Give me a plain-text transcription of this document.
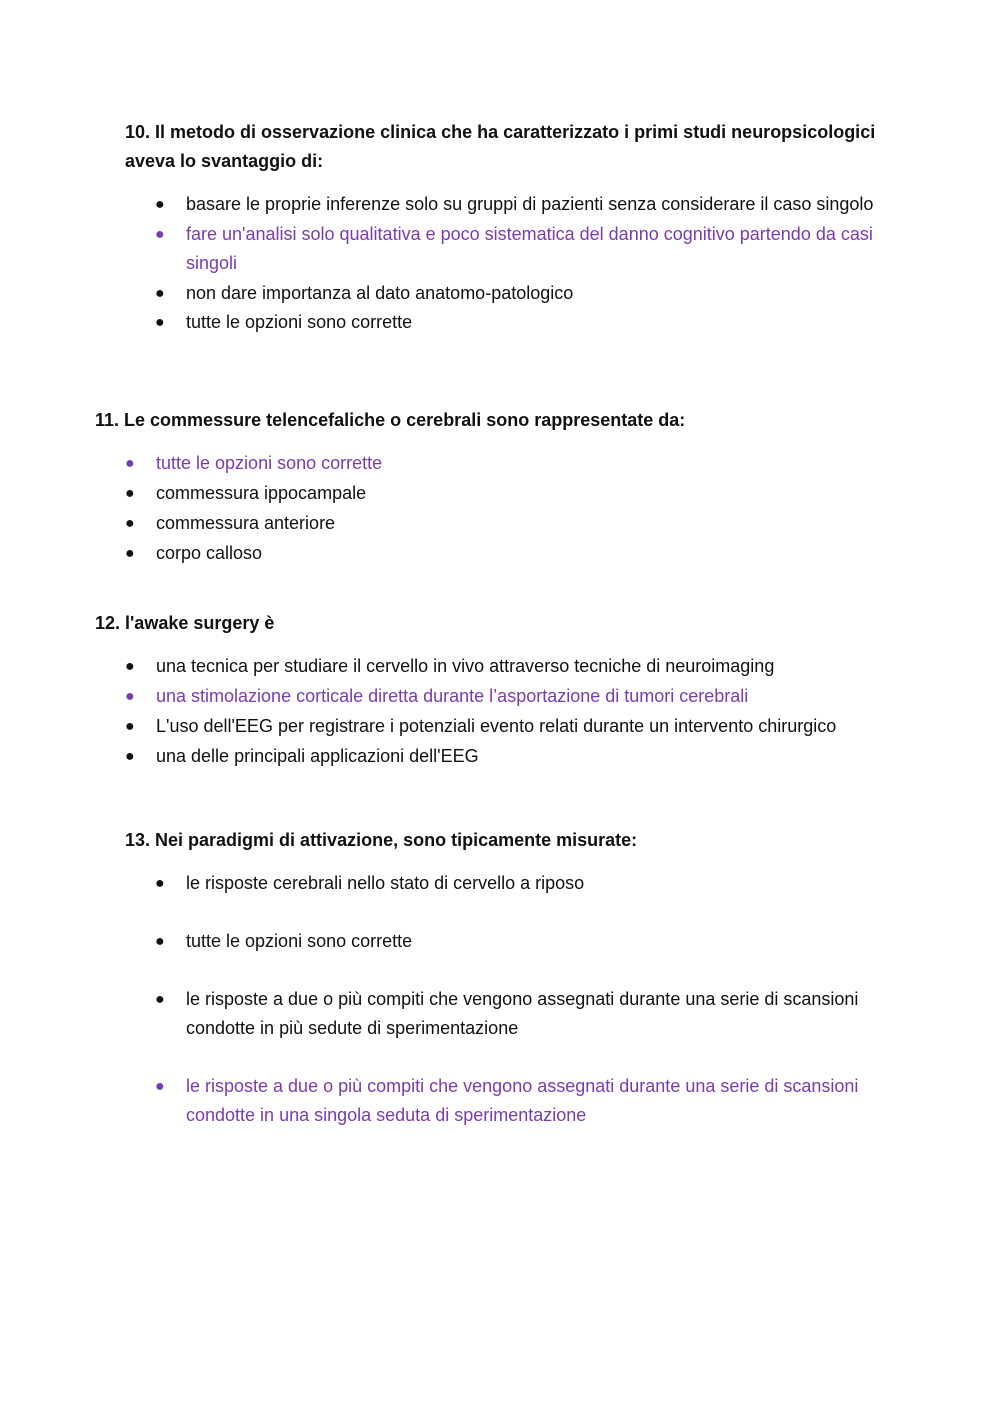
10. Il metodo di osservazione clinica che ha caratterizzato i primi studi neuropsicologici aveva lo svantaggio di:

● basare le proprie inferenze solo su gruppi di pazienti senza considerare il caso singolo
● fare un'analisi solo qualitativa e poco sistematica del danno cognitivo partendo da casi singoli
● non dare importanza al dato anatomo-patologico
● tutte le opzioni sono corrette

11. Le commessure telencefaliche o cerebrali sono rappresentate da:

● tutte le opzioni sono corrette
● commessura ippocampale
● commessura anteriore
● corpo calloso

12. l'awake surgery è

● una tecnica per studiare il cervello in vivo attraverso tecniche di neuroimaging
● una stimolazione corticale diretta durante l’asportazione di tumori cerebrali
● L'uso dell'EEG per registrare i potenziali evento relati durante un intervento chirurgico
● una delle principali applicazioni dell'EEG

13. Nei paradigmi di attivazione, sono tipicamente misurate:

● le risposte cerebrali nello stato di cervello a riposo
● tutte le opzioni sono corrette
● le risposte a due o più compiti che vengono assegnati durante una serie di scansioni condotte in più sedute di sperimentazione
● le risposte a due o più compiti che vengono assegnati durante una serie di scansioni condotte in una singola seduta di sperimentazione
